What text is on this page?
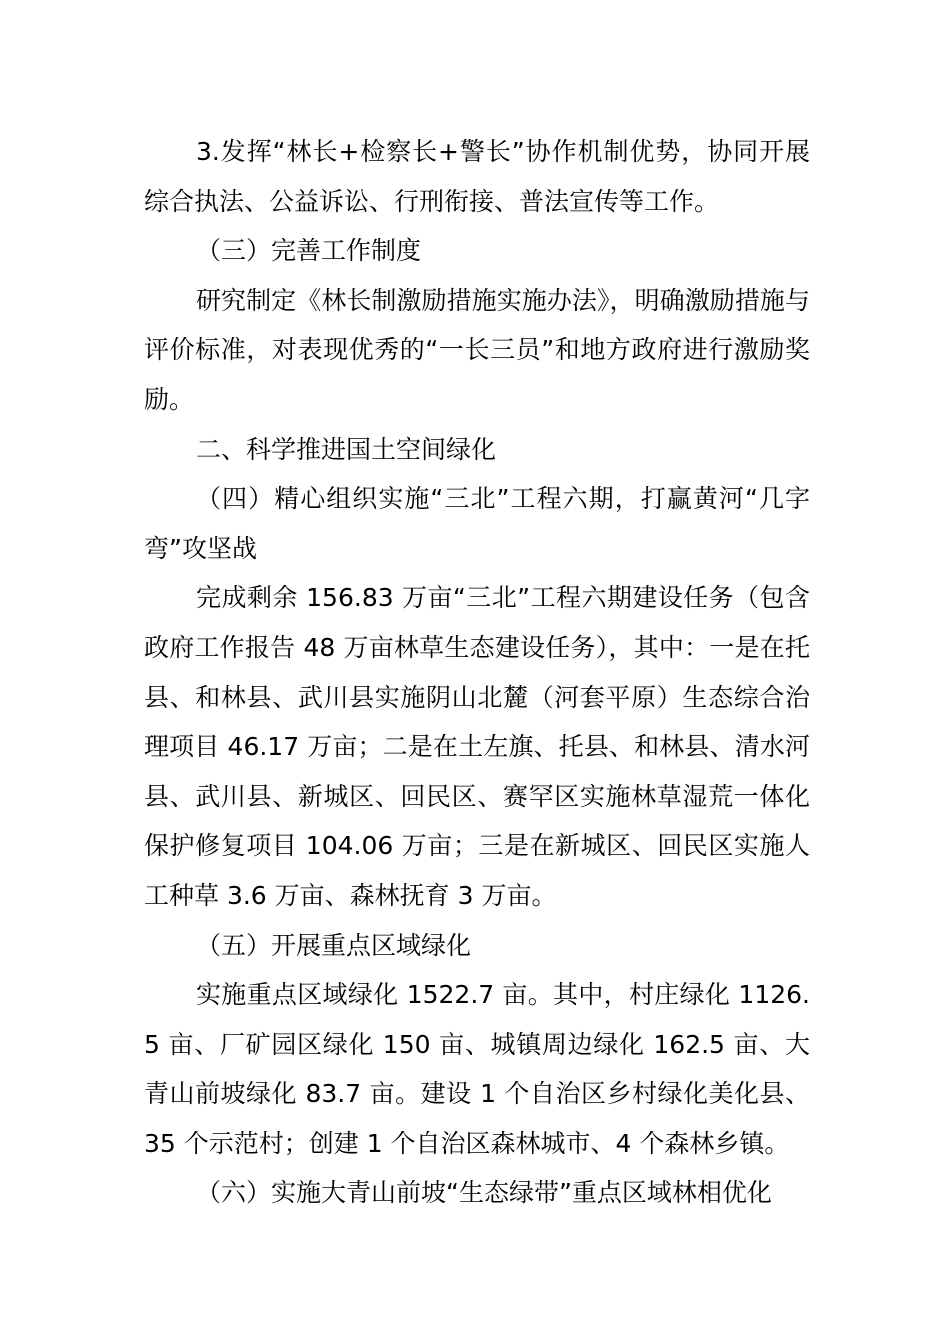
3.发挥“林长+检察长+警长”协作机制优势，协同开展综合执法、公益诉讼、行刑衔接、普法宣传等工作。

（三）完善工作制度

研究制定《林长制激励措施实施办法》，明确激励措施与评价标准，对表现优秀的“一长三员”和地方政府进行激励奖励。

二、科学推进国土空间绿化

（四）精心组织实施“三北”工程六期，打赢黄河“几字弯”攻坚战

完成剩余 156.83 万亩“三北”工程六期建设任务（包含政府工作报告 48 万亩林草生态建设任务），其中：一是在托县、和林县、武川县实施阴山北麓（河套平原）生态综合治理项目 46.17 万亩；二是在土左旗、托县、和林县、清水河县、武川县、新城区、回民区、赛罕区实施林草湿荒一体化保护修复项目 104.06 万亩；三是在新城区、回民区实施人工种草 3.6 万亩、森林抚育 3 万亩。

（五）开展重点区域绿化

实施重点区域绿化 1522.7 亩。其中，村庄绿化 1126.5 亩、厂矿园区绿化 150 亩、城镇周边绿化 162.5 亩、大青山前坡绿化 83.7 亩。建设 1 个自治区乡村绿化美化县、35 个示范村；创建 1 个自治区森林城市、4 个森林乡镇。

（六）实施大青山前坡“生态绿带”重点区域林相优化
